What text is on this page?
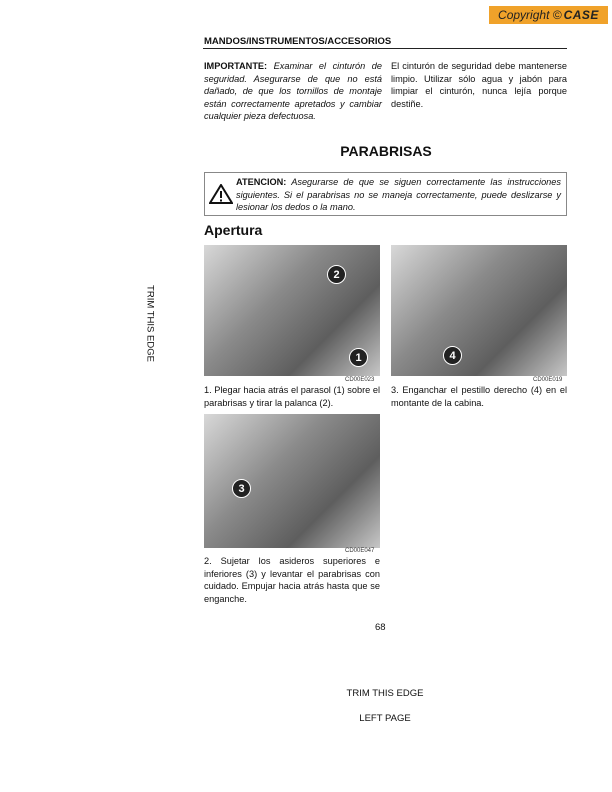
Copyright © CASE
MANDOS/INSTRUMENTOS/ACCESORIOS
IMPORTANTE: Examinar el cinturón de seguridad. Asegurarse de que no está dañado, de que los tornillos de montaje están correctamente apretados y cambiar cualquier pieza defectuosa.
El cinturón de seguridad debe mantenerse limpio. Utilizar sólo agua y jabón para limpiar el cinturón, nunca lejía porque destiñe.
PARABRISAS
ATENCION: Asegurarse de que se siguen correctamente las instrucciones siguientes. Si el parabrisas no se maneja correctamente, puede deslizarse y lesionar los dedos o la mano.
Apertura
1
2
CD00E023
1. Plegar hacia atrás el parasol (1) sobre el parabrisas y tirar la palanca (2).
4
CD00E019
3. Enganchar el pestillo derecho (4) en el montante de la cabina.
3
CD00E047
2. Sujetar los asideros superiores e inferiores (3) y levantar el parabrisas con cuidado. Empujar hacia atrás hasta que se enganche.
68
TRIM THIS EDGE
TRIM THIS EDGE
LEFT PAGE
